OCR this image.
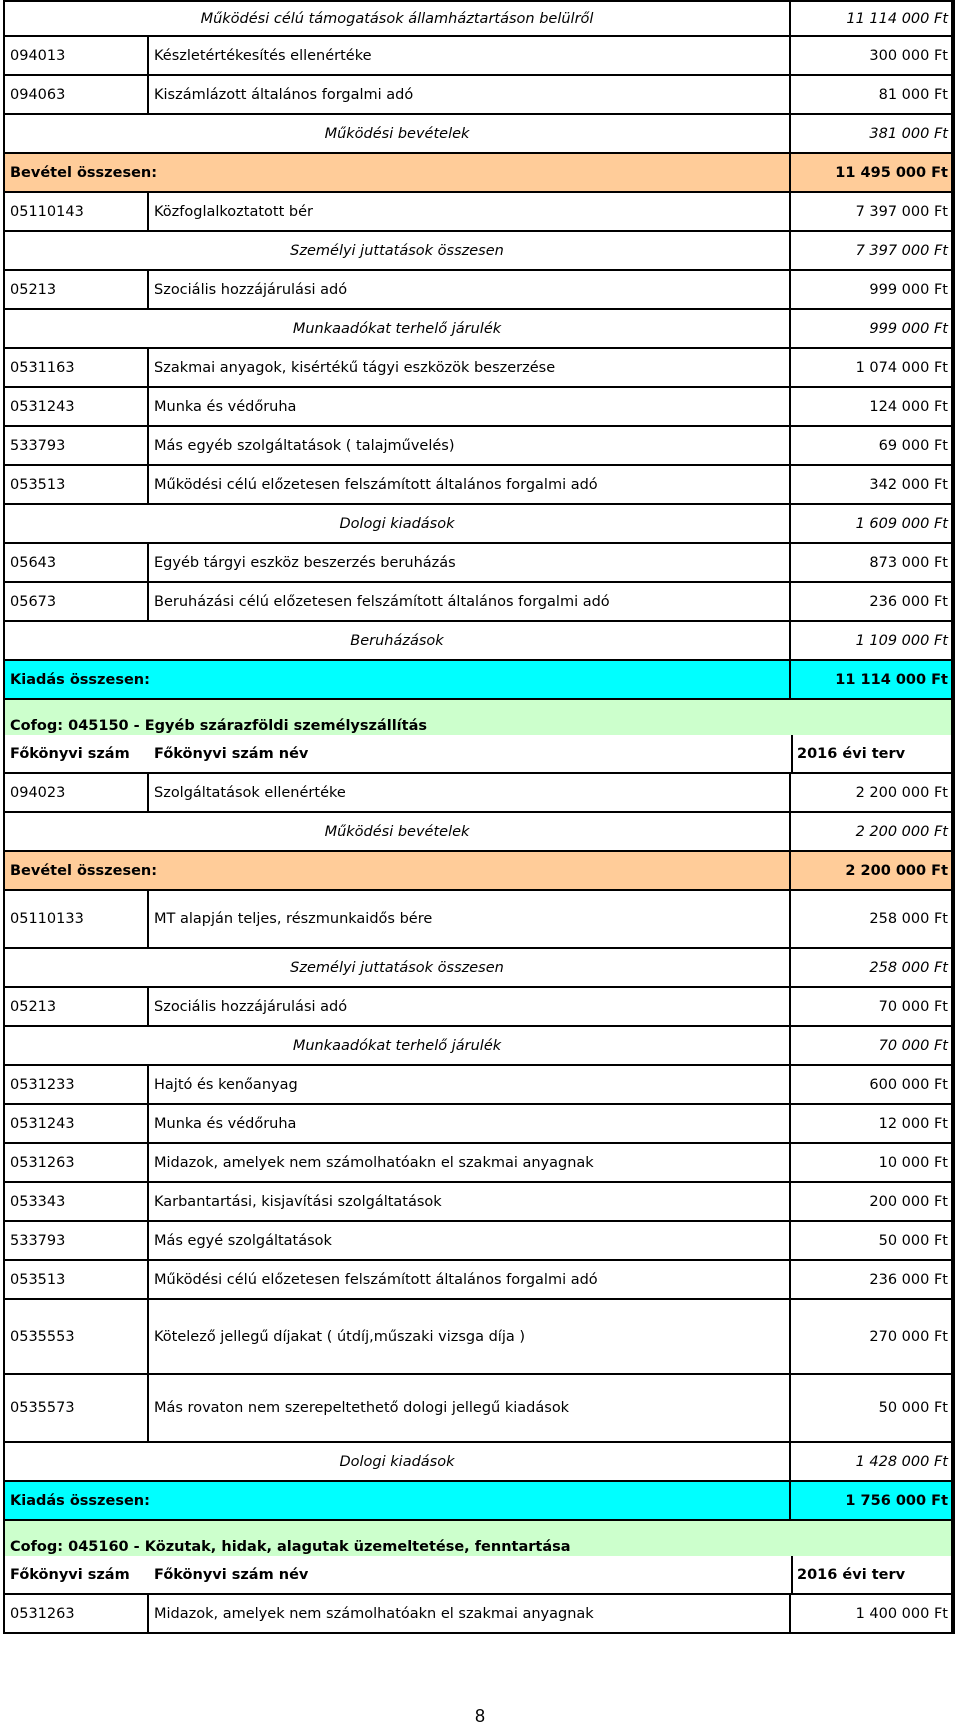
Működési célú támogatások államháztartáson belülről	11 114 000 Ft
094013	Készletértékesítés ellenértéke	300 000 Ft
094063	Kiszámlázott általános forgalmi adó	81 000 Ft
Működési bevételek	381 000 Ft
Bevétel összesen:	11 495 000 Ft
05110143	Közfoglalkoztatott bér	7 397 000 Ft
Személyi juttatások összesen	7 397 000 Ft
05213	Szociális hozzájárulási adó	999 000 Ft
Munkaadókat terhelő járulék	999 000 Ft
0531163	Szakmai anyagok, kisértékű tágyi eszközök beszerzése	1 074 000 Ft
0531243	Munka és védőruha	124 000 Ft
533793	Más egyéb szolgáltatások ( talajművelés)	69 000 Ft
053513	Működési célú előzetesen felszámított általános forgalmi adó	342 000 Ft
Dologi kiadások	1 609 000 Ft
05643	Egyéb tárgyi eszköz beszerzés beruházás	873 000 Ft
05673	Beruházási célú előzetesen felszámított általános forgalmi adó	236 000 Ft
Beruházások	1 109 000 Ft
Kiadás összesen:	11 114 000 Ft
Cofog: 045150 - Egyéb szárazföldi személyszállítás
Főkönyvi szám	Főkönyvi szám név	2016 évi terv
094023	Szolgáltatások ellenértéke	2 200 000 Ft
Működési bevételek	2 200 000 Ft
Bevétel összesen:	2 200 000 Ft
05110133	MT alapján teljes, részmunkaidős bére	258 000 Ft
Személyi juttatások összesen	258 000 Ft
05213	Szociális hozzájárulási adó	70 000 Ft
Munkaadókat terhelő járulék	70 000 Ft
0531233	Hajtó és kenőanyag	600 000 Ft
0531243	Munka és védőruha	12 000 Ft
0531263	Midazok, amelyek nem számolhatóakn el szakmai anyagnak	10 000 Ft
053343	Karbantartási, kisjavítási szolgáltatások	200 000 Ft
533793	Más egyé szolgáltatások	50 000 Ft
053513	Működési célú előzetesen felszámított általános forgalmi adó	236 000 Ft
0535553	Kötelező jellegű díjakat ( útdíj,műszaki vizsga díja )	270 000 Ft
0535573	Más rovaton nem szerepeltethető dologi jellegű kiadások	50 000 Ft
Dologi kiadások	1 428 000 Ft
Kiadás összesen:	1 756 000 Ft
Cofog: 045160 - Közutak, hidak, alagutak üzemeltetése, fenntartása
Főkönyvi szám	Főkönyvi szám név	2016 évi terv
0531263	Midazok, amelyek nem számolhatóakn el szakmai anyagnak	1 400 000 Ft
8
